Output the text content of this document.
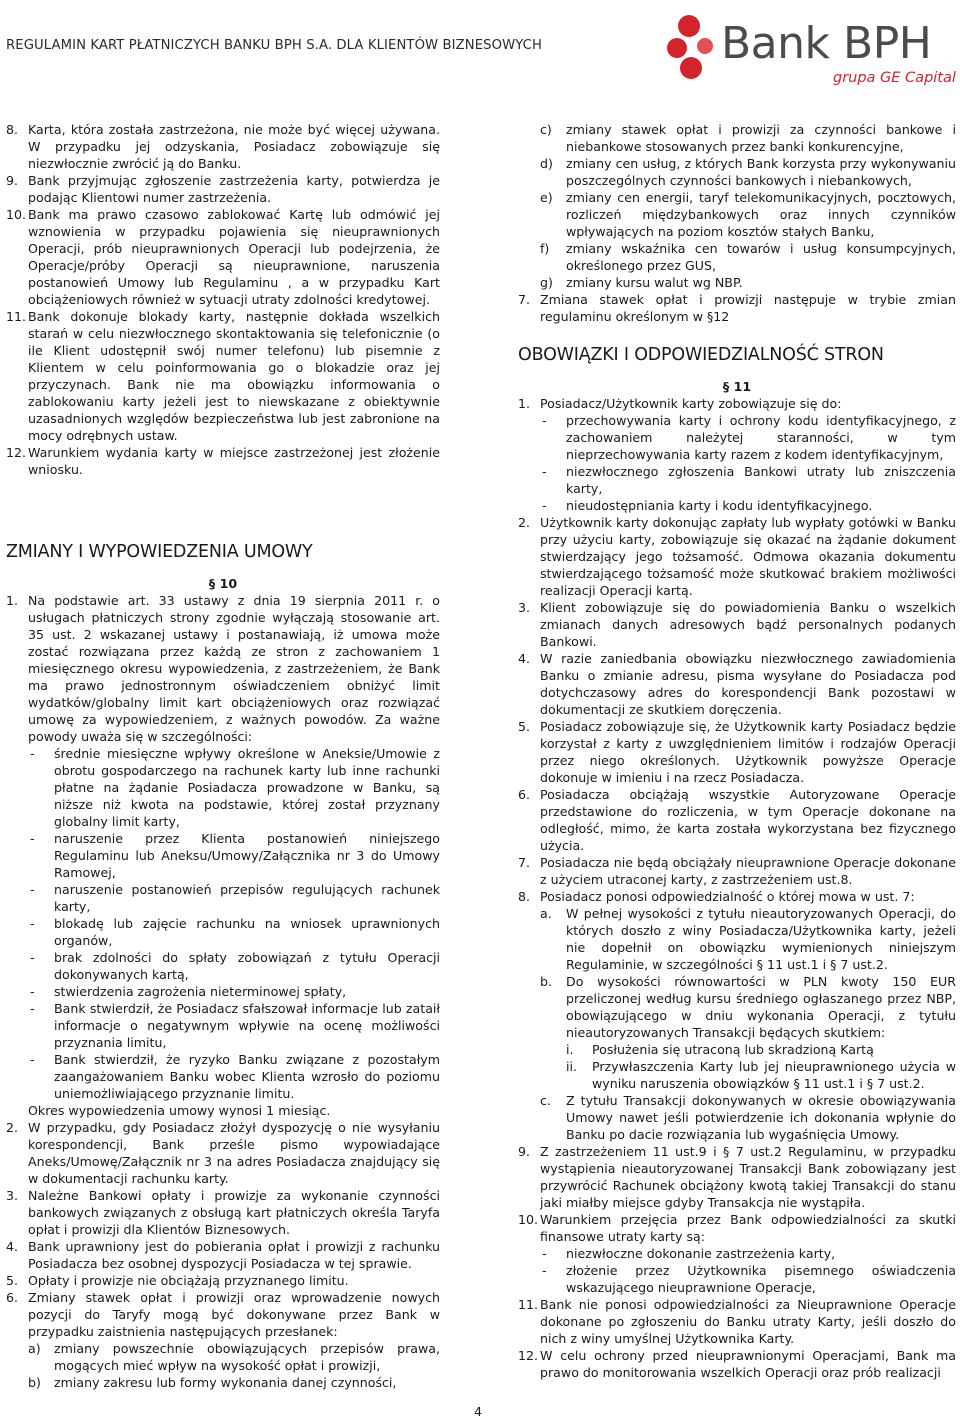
REGULAMIN KART PŁATNICZYCH BANKU BPH S.A. DLA KLIENTÓW BIZNESOWYCH	Bank BPH
grupa GE Capital

8. Karta, która została zastrzeżona, nie może być więcej używana. W przypadku jej odzyskania, Posiadacz zobowiązuje się niezwłocznie zwrócić ją do Banku.

9. Bank przyjmując zgłoszenie zastrzeżenia karty, potwierdza je podając Klientowi numer zastrzeżenia.

10. Bank ma prawo czasowo zablokować Kartę lub odmówić jej wznowienia w przypadku pojawienia się nieuprawnionych Operacji, prób nieuprawnionych Operacji lub podejrzenia, że Operacje/próby Operacji są nieuprawnione, naruszenia postanowień Umowy lub Regulaminu , a w przypadku Kart obciążeniowych również w sytuacji utraty zdolności kredytowej.

11. Bank dokonuje blokady karty, następnie dokłada wszelkich starań w celu niezwłocznego skontaktowania się telefonicznie (o ile Klient udostępnił swój numer telefonu) lub pisemnie z Klientem w celu poinformowania go o blokadzie oraz jej przyczynach. Bank nie ma obowiązku informowania o zablokowaniu karty jeżeli jest to niewskazane z obiektywnie uzasadnionych względów bezpieczeństwa lub jest zabronione na mocy odrębnych ustaw.

12. Warunkiem wydania karty w miejsce zastrzeżonej jest złożenie wniosku.

ZMIANY I WYPOWIEDZENIA UMOWY

§ 10

1. Na podstawie art. 33 ustawy z dnia 19 sierpnia 2011 r. o usługach płatniczych strony zgodnie wyłączają stosowanie art. 35 ust. 2 wskazanej ustawy i postanawiają, iż umowa może zostać rozwiązana przez każdą ze stron z zachowaniem 1 miesięcznego okresu wypowiedzenia, z zastrzeżeniem, że Bank ma prawo jednostronnym oświadczeniem obniżyć limit wydatków/globalny limit kart obciążeniowych oraz rozwiązać umowę za wypowiedzeniem, z ważnych powodów. Za ważne powody uważa się w szczególności:

- średnie miesięczne wpływy określone w Aneksie/Umowie z obrotu gospodarczego na rachunek karty lub inne rachunki płatne na żądanie Posiadacza prowadzone w Banku, są niższe niż kwota na podstawie, której został przyznany globalny limit karty,

- naruszenie przez Klienta postanowień niniejszego Regulaminu lub Aneksu/Umowy/Załącznika nr 3 do Umowy Ramowej,

- naruszenie postanowień przepisów regulujących rachunek karty,

- blokadę lub zajęcie rachunku na wniosek uprawnionych organów,

- brak zdolności do spłaty zobowiązań z tytułu Operacji dokonywanych kartą,

- stwierdzenia zagrożenia nieterminowej spłaty,

- Bank stwierdził, że Posiadacz sfałszował informacje lub zataił informacje o negatywnym wpływie na ocenę możliwości przyznania limitu,

- Bank stwierdził, że ryzyko Banku związane z pozostałym zaangażowaniem Banku wobec Klienta wzrosło do poziomu uniemożliwiającego przyznanie limitu.

Okres wypowiedzenia umowy wynosi 1 miesiąc.

2. W przypadku, gdy Posiadacz złożył dyspozycję o nie wysyłaniu korespondencji, Bank prześle pismo wypowiadające Aneks/Umowę/Załącznik nr 3 na adres Posiadacza znajdujący się w dokumentacji rachunku karty.

3. Należne Bankowi opłaty i prowizje za wykonanie czynności bankowych związanych z obsługą kart płatniczych określa Taryfa opłat i prowizji dla Klientów Biznesowych.

4. Bank uprawniony jest do pobierania opłat i prowizji z rachunku Posiadacza bez osobnej dyspozycji Posiadacza w tej sprawie.

5. Opłaty i prowizje nie obciążają przyznanego limitu.

6. Zmiany stawek opłat i prowizji oraz wprowadzenie nowych pozycji do Taryfy mogą być dokonywane przez Bank w przypadku zaistnienia następujących przesłanek:

a) zmiany powszechnie obowiązujących przepisów prawa, mogących mieć wpływ na wysokość opłat i prowizji,

b) zmiany zakresu lub formy wykonania danej czynności,

c) zmiany stawek opłat i prowizji za czynności bankowe i niebankowe stosowanych przez banki konkurencyjne,

d) zmiany cen usług, z których Bank korzysta przy wykonywaniu poszczególnych czynności bankowych i niebankowych,

e) zmiany cen energii, taryf telekomunikacyjnych, pocztowych, rozliczeń międzybankowych oraz innych czynników wpływających na poziom kosztów stałych Banku,

f) zmiany wskaźnika cen towarów i usług konsumpcyjnych, określonego przez GUS,

g) zmiany kursu walut wg NBP.

7. Zmiana stawek opłat i prowizji następuje w trybie zmian regulaminu określonym w §12

OBOWIĄZKI I ODPOWIEDZIALNOŚĆ STRON

§ 11

1. Posiadacz/Użytkownik karty zobowiązuje się do:

- przechowywania karty i ochrony kodu identyfikacyjnego, z zachowaniem należytej staranności, w tym nieprzechowywania karty razem z kodem identyfikacyjnym,

- niezwłocznego zgłoszenia Bankowi utraty lub zniszczenia karty,

- nieudostępniania karty i kodu identyfikacyjnego.

2. Użytkownik karty dokonując zapłaty lub wypłaty gotówki w Banku przy użyciu karty, zobowiązuje się okazać na żądanie dokument stwierdzający jego tożsamość. Odmowa okazania dokumentu stwierdzającego tożsamość może skutkować brakiem możliwości realizacji Operacji kartą.

3. Klient zobowiązuje się do powiadomienia Banku o wszelkich zmianach danych adresowych bądź personalnych podanych Bankowi.

4. W razie zaniedbania obowiązku niezwłocznego zawiadomienia Banku o zmianie adresu, pisma wysyłane do Posiadacza pod dotychczasowy adres do korespondencji Bank pozostawi w dokumentacji ze skutkiem doręczenia.

5. Posiadacz zobowiązuje się, że Użytkownik karty Posiadacz będzie korzystał z karty z uwzględnieniem limitów i rodzajów Operacji przez niego określonych. Użytkownik powyższe Operacje dokonuje w imieniu i na rzecz Posiadacza.

6. Posiadacza obciążają wszystkie Autoryzowane Operacje przedstawione do rozliczenia, w tym Operacje dokonane na odległość, mimo, że karta została wykorzystana bez fizycznego użycia.

7. Posiadacza nie będą obciążały nieuprawnione Operacje dokonane z użyciem utraconej karty, z zastrzeżeniem ust.8.

8. Posiadacz ponosi odpowiedzialność o której mowa w ust. 7:

a. W pełnej wysokości z tytułu nieautoryzowanych Operacji, do których doszło z winy Posiadacza/Użytkownika karty, jeżeli nie dopełnił on obowiązku wymienionych niniejszym Regulaminie, w szczególności § 11 ust.1 i § 7 ust.2.

b. Do wysokości równowartości w PLN kwoty 150 EUR przeliczonej według kursu średniego ogłaszanego przez NBP, obowiązującego w dniu wykonania Operacji, z tytułu nieautoryzowanych Transakcji będących skutkiem:

i. Posłużenia się utraconą lub skradzioną Kartą

ii. Przywłaszczenia Karty lub jej nieuprawnionego użycia w wyniku naruszenia obowiązków § 11 ust.1 i § 7 ust.2.

c. Z tytułu Transakcji dokonywanych w okresie obowiązywania Umowy nawet jeśli potwierdzenie ich dokonania wpłynie do Banku po dacie rozwiązania lub wygaśnięcia Umowy.

9. Z zastrzeżeniem 11 ust.9 i § 7 ust.2 Regulaminu, w przypadku wystąpienia nieautoryzowanej Transakcji Bank zobowiązany jest przywrócić Rachunek obciążony kwotą takiej Transakcji do stanu jaki miałby miejsce gdyby Transakcja nie wystąpiła.

10. Warunkiem przejęcia przez Bank odpowiedzialności za skutki finansowe utraty karty są:

- niezwłoczne dokonanie zastrzeżenia karty,

- złożenie przez Użytkownika pisemnego oświadczenia wskazującego nieuprawnione Operacje,

11. Bank nie ponosi odpowiedzialności za Nieuprawnione Operacje dokonane po zgłoszeniu do Banku utraty Karty, jeśli doszło do nich z winy umyślnej Użytkownika Karty.

12. W celu ochrony przed nieuprawnionymi Operacjami, Bank ma prawo do monitorowania wszelkich Operacji oraz prób realizacji

4
